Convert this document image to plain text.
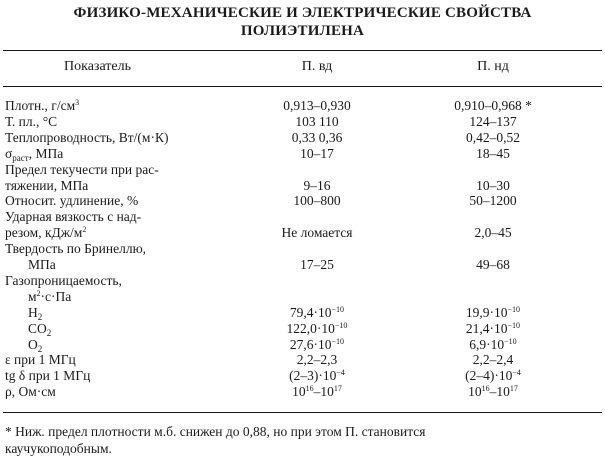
ФИЗИКО-МЕХАНИЧЕСКИЕ И ЭЛЕКТРИЧЕСКИЕ СВОЙСТВА
ПОЛИЭТИЛЕНА
Показатель	П. вд	П. нд
Плотн., $г/см^3$	0,913–0,930	0,910–0,968 *
Т. пл., °С	103 110	124–137
Теплопроводность, Вт/(м·К)	0,33 0,36	0,42–0,52
$\sigma_{раст}$, МПа	10–17	18–45
Предел текучести при рас-
тяжении, МПа	9–16	10–30
Относит. удлинение, %	100–800	50–1200
Ударная вязкость с над-
резом, кДж/$м^2$	Не ломается	2,0–45
Твердость по Бринеллю,
МПа	17–25	49–68
Газопроницаемость,
$м^2\cdot с\cdot Па$
$Н_2$	$79,4\cdot 10^{-10}$	$19,9\cdot 10^{-10}$
$СО_2$	$122,0\cdot 10^{-10}$	$21,4\cdot 10^{-10}$
$О_2$	$27,6\cdot 10^{-10}$	$6,9\cdot 10^{-10}$
ε при 1 МГц	2,2–2,3	2,2–2,4
tg δ при 1 МГц	$(2-3)\cdot 10^{-4}$	$(2-4)\cdot 10^{-4}$
ρ, Ом·см	$10^{16}-10^{17}$	$10^{16}-10^{17}$
* Ниж. предел плотности м.б. снижен до 0,88, но при этом П. становится
каучукоподобным.
